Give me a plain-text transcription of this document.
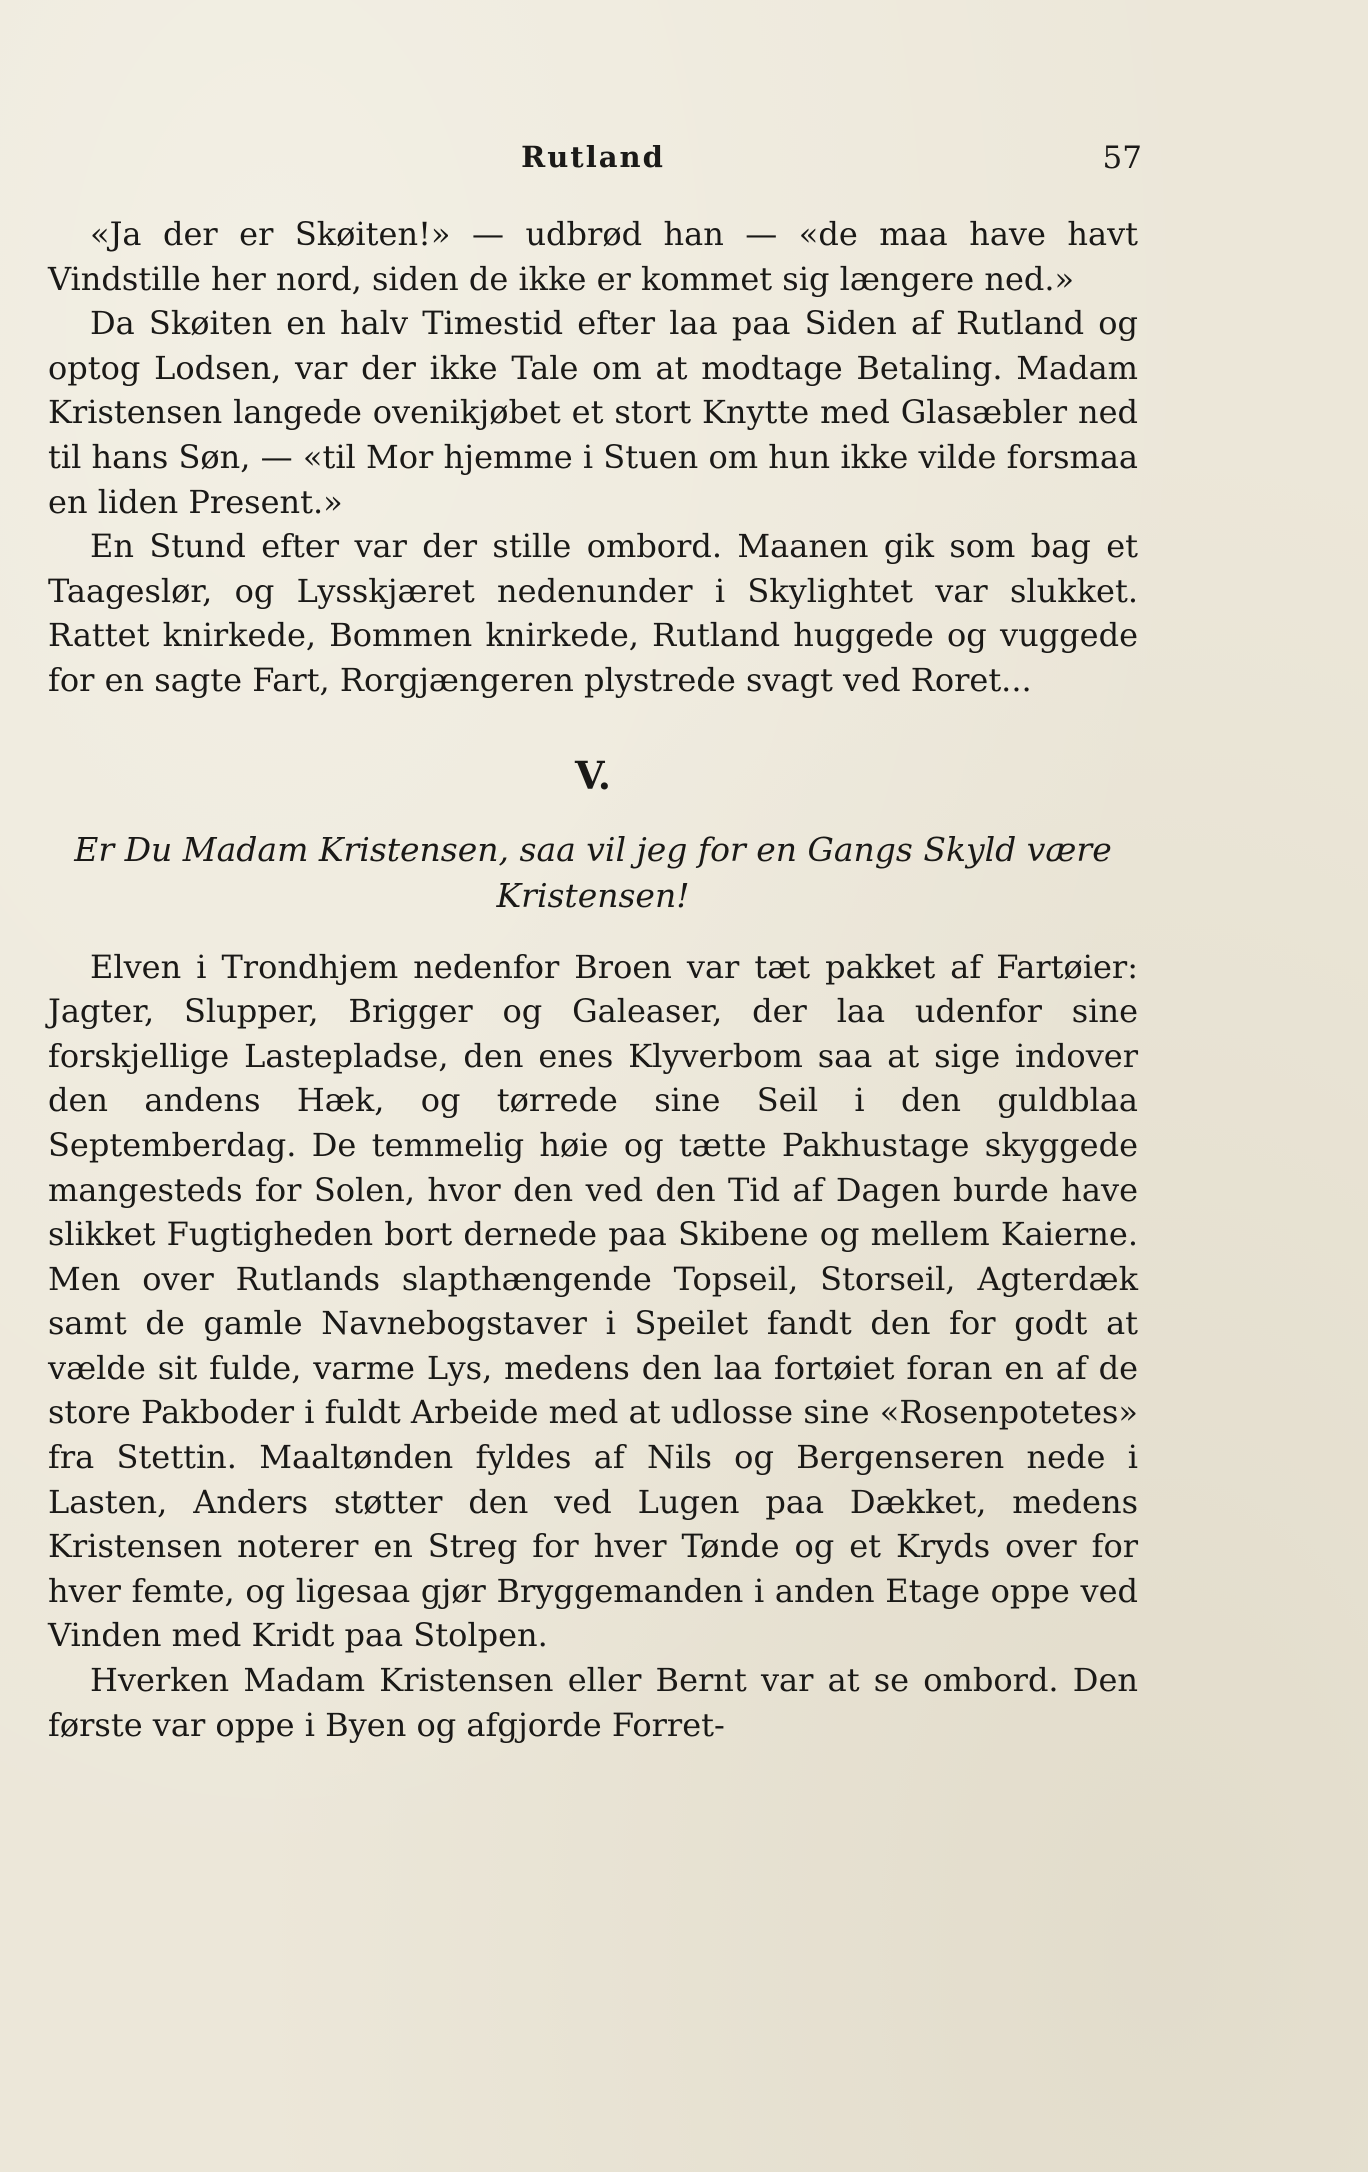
Rutland	57

«Ja der er Skøiten!» — udbrød han — «de maa have havt Vindstille her nord, siden de ikke er kommet sig længere ned.»

Da Skøiten en halv Timestid efter laa paa Siden af Rutland og optog Lodsen, var der ikke Tale om at modtage Betaling. Madam Kristensen langede ovenikjøbet et stort Knytte med Glasæbler ned til hans Søn, — «til Mor hjemme i Stuen om hun ikke vilde forsmaa en liden Present.»

En Stund efter var der stille ombord. Maanen gik som bag et Taageslør, og Lysskjæret nedenunder i Skylightet var slukket. Rattet knirkede, Bommen knirkede, Rutland huggede og vuggede for en sagte Fart, Rorgjængeren plystrede svagt ved Roret...

V.

Er Du Madam Kristensen, saa vil jeg for en Gangs Skyld være Kristensen!

Elven i Trondhjem nedenfor Broen var tæt pakket af Fartøier: Jagter, Slupper, Brigger og Galeaser, der laa udenfor sine forskjellige Lastepladse, den enes Klyverbom saa at sige indover den andens Hæk, og tørrede sine Seil i den guldblaa Septemberdag. De temmelig høie og tætte Pakhustage skyggede mangesteds for Solen, hvor den ved den Tid af Dagen burde have slikket Fugtigheden bort dernede paa Skibene og mellem Kaierne. Men over Rutlands slapthængende Topseil, Storseil, Agterdæk samt de gamle Navnebogstaver i Speilet fandt den for godt at vælde sit fulde, varme Lys, medens den laa fortøiet foran en af de store Pakboder i fuldt Arbeide med at udlosse sine «Rosenpotetes» fra Stettin. Maaltønden fyldes af Nils og Bergenseren nede i Lasten, Anders støtter den ved Lugen paa Dækket, medens Kristensen noterer en Streg for hver Tønde og et Kryds over for hver femte, og ligesaa gjør Bryggemanden i anden Etage oppe ved Vinden med Kridt paa Stolpen.

Hverken Madam Kristensen eller Bernt var at se ombord. Den første var oppe i Byen og afgjorde Forret-
